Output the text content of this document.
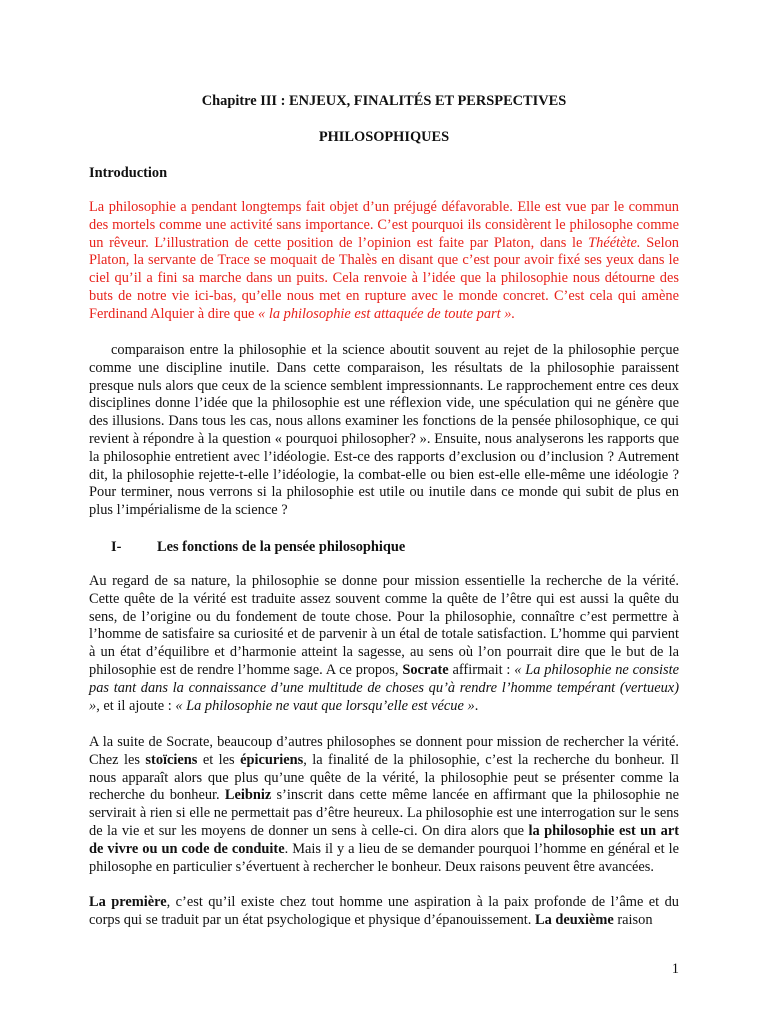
Chapitre III : ENJEUX, FINALITÉS ET PERSPECTIVES

PHILOSOPHIQUES

Introduction

La philosophie a pendant longtemps fait objet d’un préjugé défavorable. Elle est vue par le commun des mortels comme une activité sans importance. C’est pourquoi ils considèrent le philosophe comme un rêveur. L’illustration de cette position de l’opinion est faite par Platon, dans le Théétète. Selon Platon, la servante de Trace se moquait de Thalès en disant que c’est pour avoir fixé ses yeux dans le ciel qu’il a fini sa marche dans un puits. Cela renvoie à l’idée que la philosophie nous détourne des buts de notre vie ici-bas, qu’elle nous met en rupture avec le monde concret. C’est cela qui amène Ferdinand Alquier à dire que « la philosophie est attaquée de toute part ».

comparaison entre la philosophie et la science aboutit souvent au rejet de la philosophie perçue comme une discipline inutile. Dans cette comparaison, les résultats de la philosophie paraissent presque nuls alors que ceux de la science semblent impressionnants. Le rapprochement entre ces deux disciplines donne l’idée que la philosophie est une réflexion vide, une spéculation qui ne génère que des illusions. Dans tous les cas, nous allons examiner les fonctions de la pensée philosophique, ce qui revient à répondre à la question « pourquoi philosopher? ». Ensuite, nous analyserons les rapports que la philosophie entretient avec l’idéologie. Est-ce des rapports d’exclusion ou d’inclusion ? Autrement dit, la philosophie rejette-t-elle l’idéologie, la combat-elle ou bien est-elle elle-même une idéologie ? Pour terminer, nous verrons si la philosophie est utile ou inutile dans ce monde qui subit de plus en plus l’impérialisme de la science ?

I- Les fonctions de la pensée philosophique

Au regard de sa nature, la philosophie se donne pour mission essentielle la recherche de la vérité. Cette quête de la vérité est traduite assez souvent comme la quête de l’être qui est aussi la quête du sens, de l’origine ou du fondement de toute chose. Pour la philosophie, connaître c’est permettre à l’homme de satisfaire sa curiosité et de parvenir à un étal de totale satisfaction. L’homme qui parvient à un état d’équilibre et d’harmonie atteint la sagesse, au sens où l’on pourrait dire que le but de la philosophie est de rendre l’homme sage. A ce propos, Socrate affirmait : « La philosophie ne consiste pas tant dans la connaissance d’une multitude de choses qu’à rendre l’homme tempérant (vertueux) », et il ajoute : « La philosophie ne vaut que lorsqu’elle est vécue ».

A la suite de Socrate, beaucoup d’autres philosophes se donnent pour mission de rechercher la vérité. Chez les stoïciens et les épicuriens, la finalité de la philosophie, c’est la recherche du bonheur. Il nous apparaît alors que plus qu’une quête de la vérité, la philosophie peut se présenter comme la recherche du bonheur. Leibniz s’inscrit dans cette même lancée en affirmant que la philosophie ne servirait à rien si elle ne permettait pas d’être heureux. La philosophie est une interrogation sur le sens de la vie et sur les moyens de donner un sens à celle-ci. On dira alors que la philosophie est un art de vivre ou un code de conduite. Mais il y a lieu de se demander pourquoi l’homme en général et le philosophe en particulier s’évertuent à rechercher le bonheur. Deux raisons peuvent être avancées.

La première, c’est qu’il existe chez tout homme une aspiration à la paix profonde de l’âme et du corps qui se traduit par un état psychologique et physique d’épanouissement. La deuxième raison

1
